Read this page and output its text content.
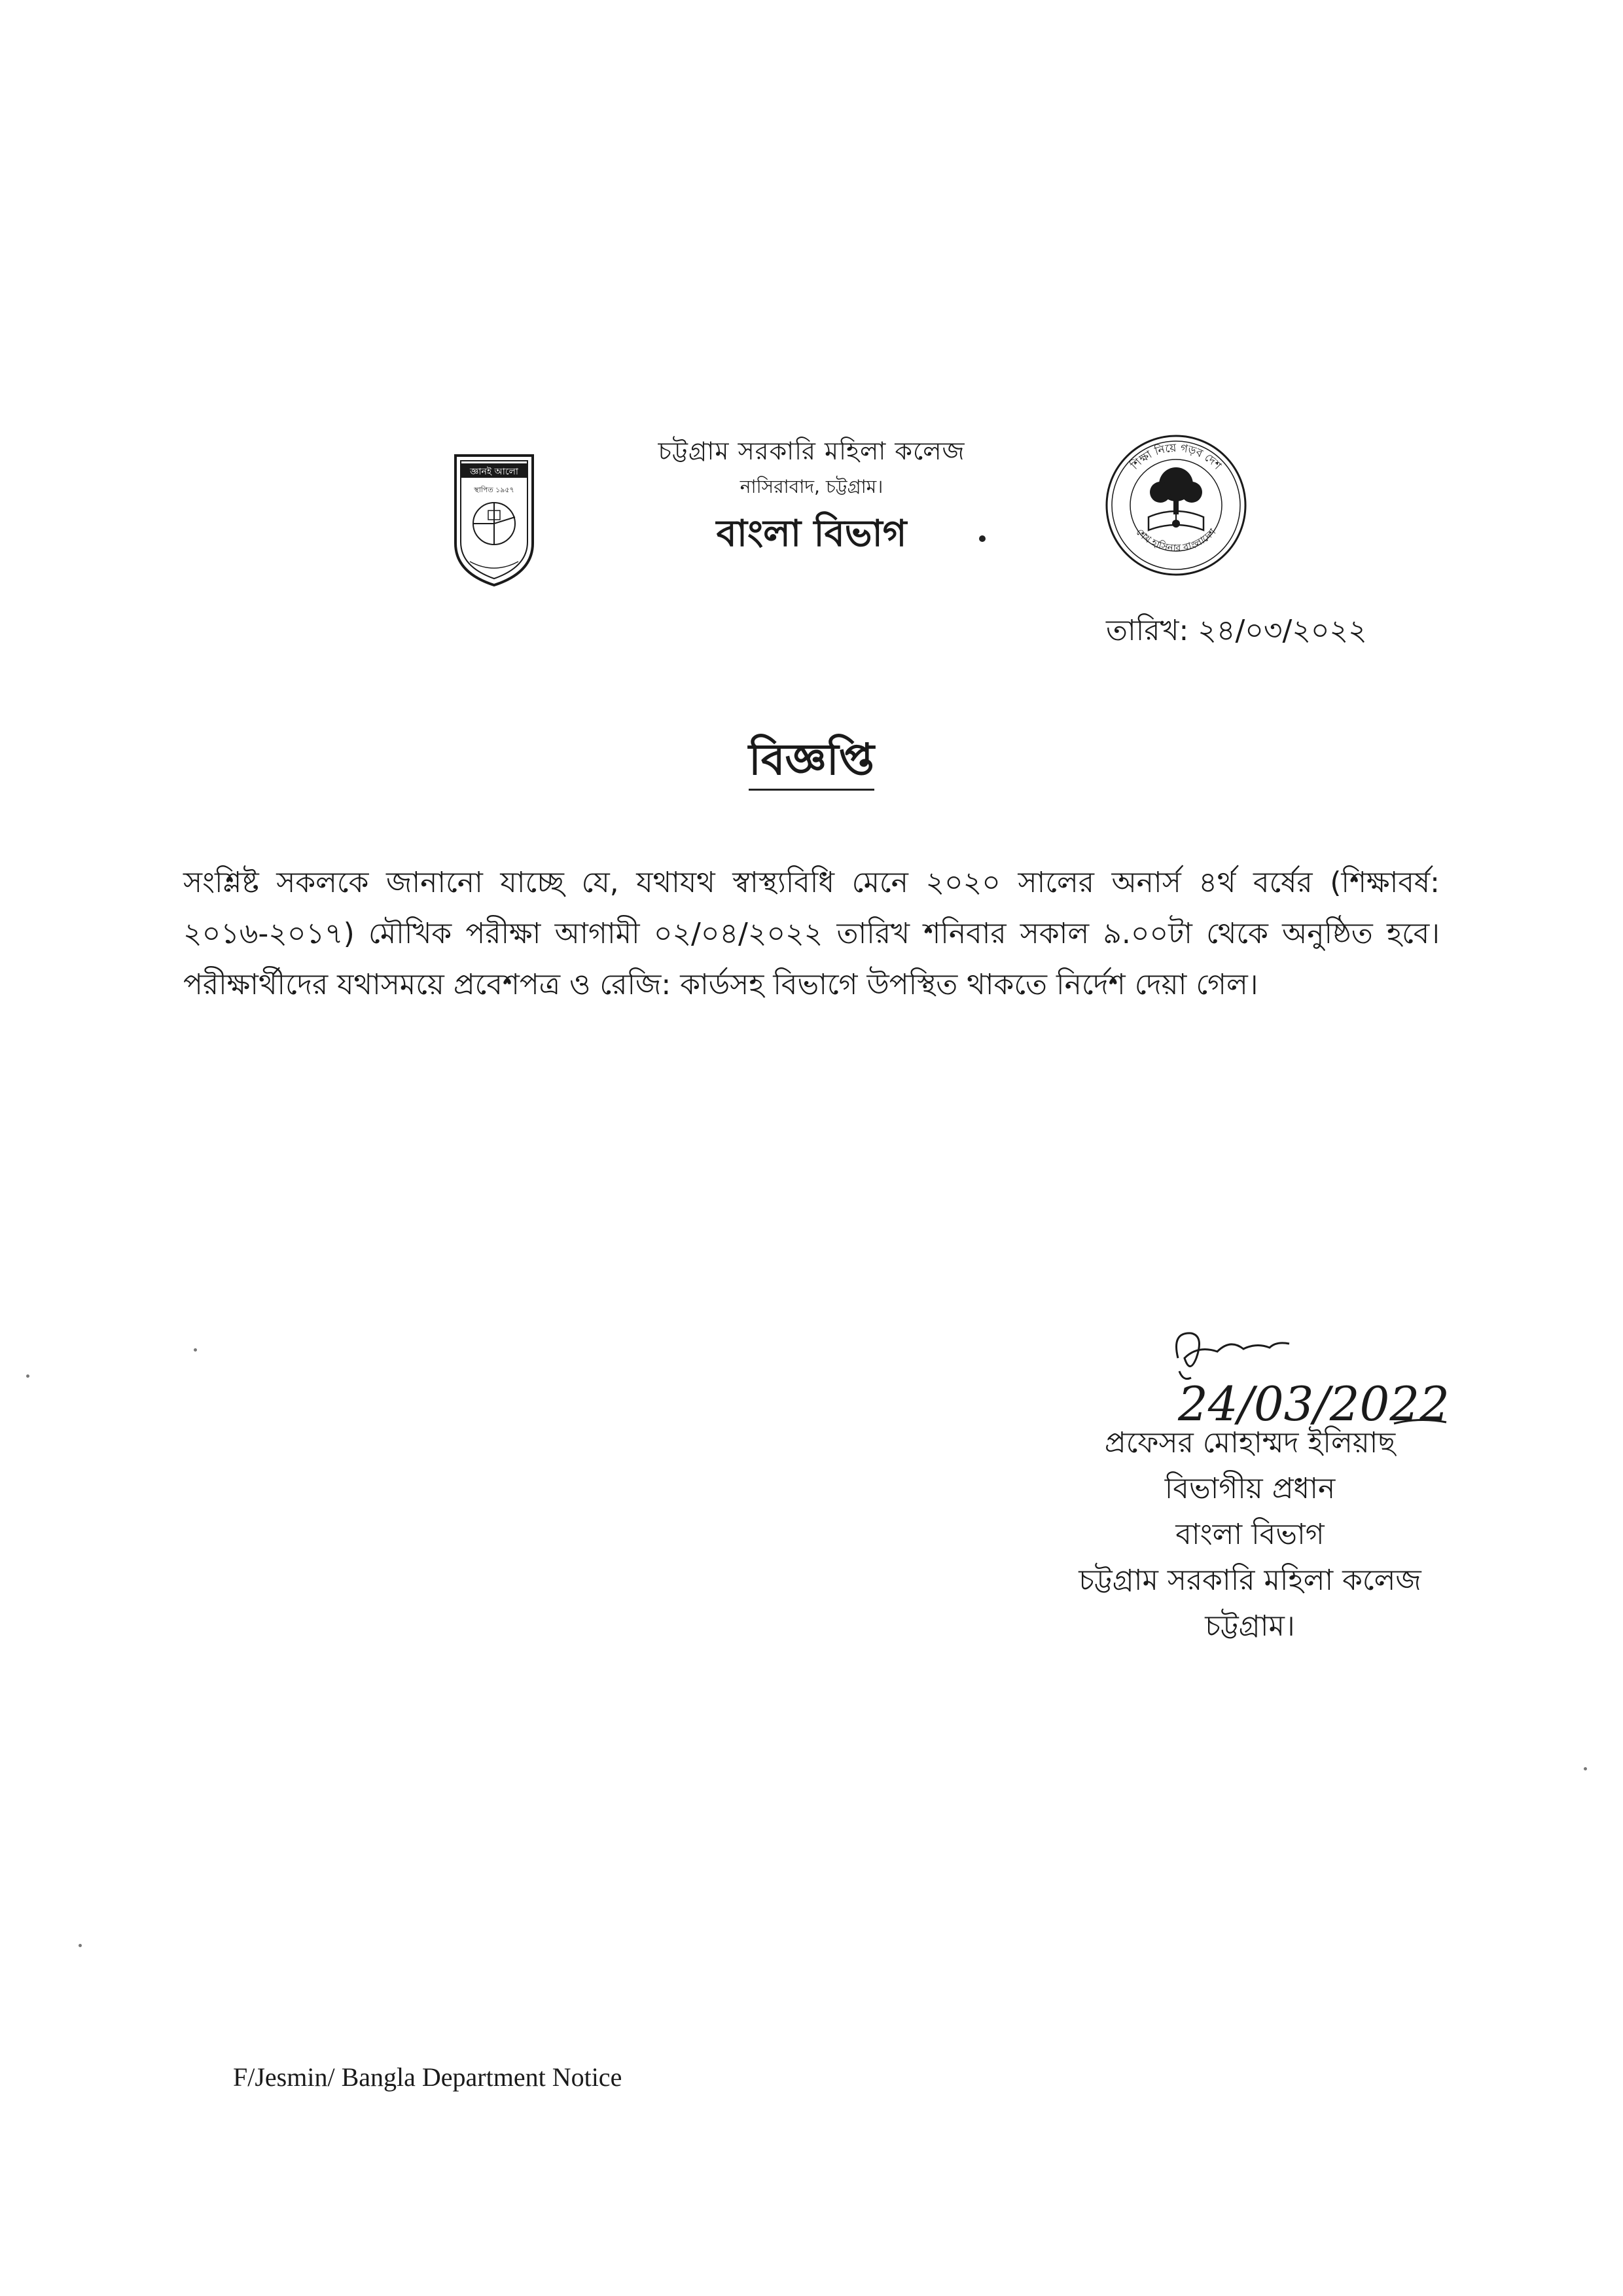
চট্টগ্রাম সরকারি মহিলা কলেজ
নাসিরাবাদ, চট্টগ্রাম।
বাংলা বিভাগ
জ্ঞানই আলো
স্থাপিত ১৯৫৭
শিক্ষা নিয়ে গড়ব দেশ
শেখ হাসিনার বাংলাদেশ
তারিখ: ২৪/০৩/২০২২
বিজ্ঞপ্তি
সংশ্লিষ্ট সকলকে জানানো যাচ্ছে যে, যথাযথ স্বাস্থ্যবিধি মেনে ২০২০ সালের অনার্স ৪র্থ বর্ষের (শিক্ষাবর্ষ: ২০১৬-২০১৭) মৌখিক পরীক্ষা আগামী ০২/০৪/২০২২ তারিখ শনিবার সকাল ৯.০০টা থেকে অনুষ্ঠিত হবে। পরীক্ষার্থীদের যথাসময়ে প্রবেশপত্র ও রেজি: কার্ডসহ বিভাগে উপস্থিত থাকতে নির্দেশ দেয়া গেল।
24/03/2022
প্রফেসর মোহাম্মদ ইলিয়াছ
বিভাগীয় প্রধান
বাংলা বিভাগ
চট্টগ্রাম সরকারি মহিলা কলেজ
চট্টগ্রাম।
F/Jesmin/ Bangla Department Notice
